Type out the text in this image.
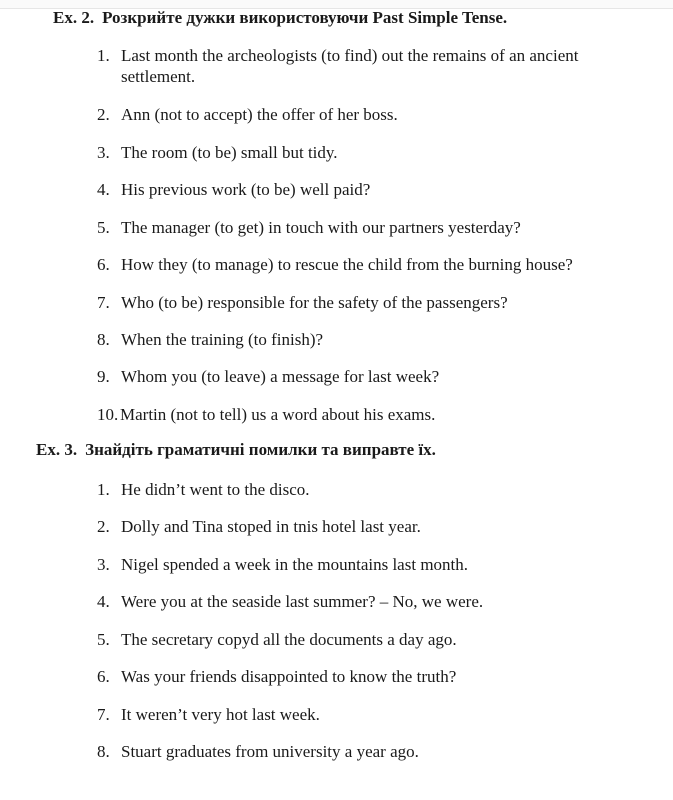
Ex. 2. Розкрийте дужки використовуючи Past Simple Tense.
1. Last month the archeologists (to find) out the remains of an ancient settlement.
2. Ann (not to accept) the offer of her boss.
3. The room (to be) small but tidy.
4. His previous work (to be) well paid?
5. The manager (to get) in touch with our partners yesterday?
6. How they (to manage) to rescue the child from the burning house?
7. Who (to be) responsible for the safety of the passengers?
8. When the training (to finish)?
9. Whom you (to leave) a message for last week?
10. Martin (not to tell) us a word about his exams.
Ex. 3. Знайдіть граматичні помилки та виправте їх.
1. He didn’t went to the disco.
2. Dolly and Tina stoped in tnis hotel last year.
3. Nigel spended a week in the mountains last month.
4. Were you at the seaside last summer? – No, we were.
5. The secretary copyd all the documents a day ago.
6. Was your friends disappointed to know the truth?
7. It weren’t very hot last week.
8. Stuart graduates from university a year ago.
